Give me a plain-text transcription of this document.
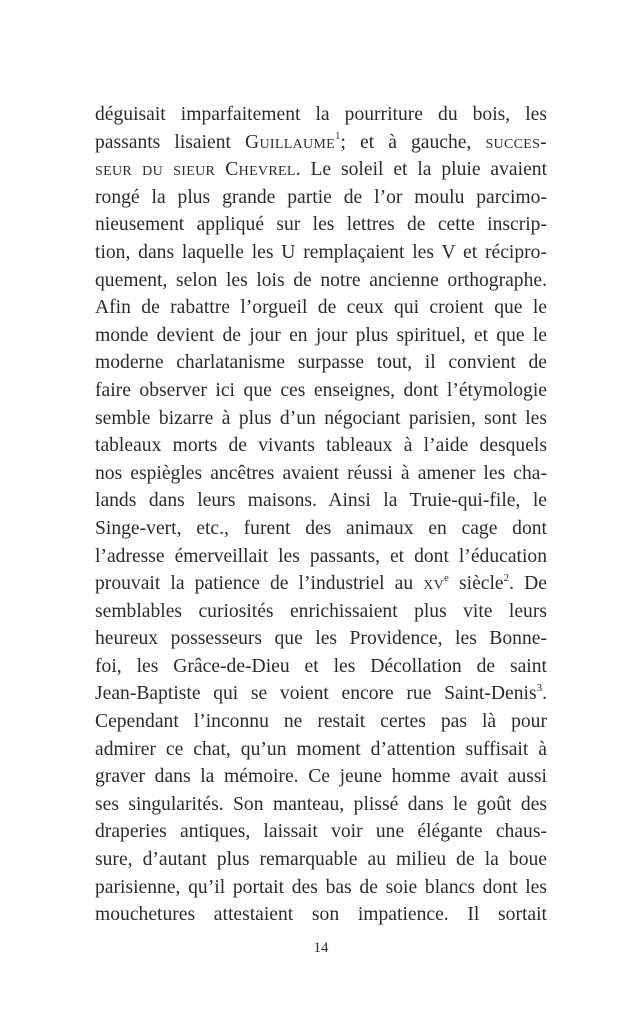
déguisait imparfaitement la pourriture du bois, les
passants lisaient Guillaume$^1$; et à gauche, succes-
seur du sieur Chevrel. Le soleil et la pluie avaient
rongé la plus grande partie de l’or moulu parcimo-
nieusement appliqué sur les lettres de cette inscrip-
tion, dans laquelle les U remplaçaient les V et récipro-
quement, selon les lois de notre ancienne orthographe.
Afin de rabattre l’orgueil de ceux qui croient que le
monde devient de jour en jour plus spirituel, et que le
moderne charlatanisme surpasse tout, il convient de
faire observer ici que ces enseignes, dont l’étymologie
semble bizarre à plus d’un négociant parisien, sont les
tableaux morts de vivants tableaux à l’aide desquels
nos espiègles ancêtres avaient réussi à amener les cha-
lands dans leurs maisons. Ainsi la Truie-qui-file, le
Singe-vert, etc., furent des animaux en cage dont
l’adresse émerveillait les passants, et dont l’éducation
prouvait la patience de l’industriel au $xv^e$ siècle$^2$. De
semblables curiosités enrichissaient plus vite leurs
heureux possesseurs que les Providence, les Bonne-
foi, les Grâce-de-Dieu et les Décollation de saint
Jean-Baptiste qui se voient encore rue Saint-Denis$^3$.
Cependant l’inconnu ne restait certes pas là pour
admirer ce chat, qu’un moment d’attention suffisait à
graver dans la mémoire. Ce jeune homme avait aussi
ses singularités. Son manteau, plissé dans le goût des
draperies antiques, laissait voir une élégante chaus-
sure, d’autant plus remarquable au milieu de la boue
parisienne, qu’il portait des bas de soie blancs dont les
mouchetures attestaient son impatience. Il sortait
14
